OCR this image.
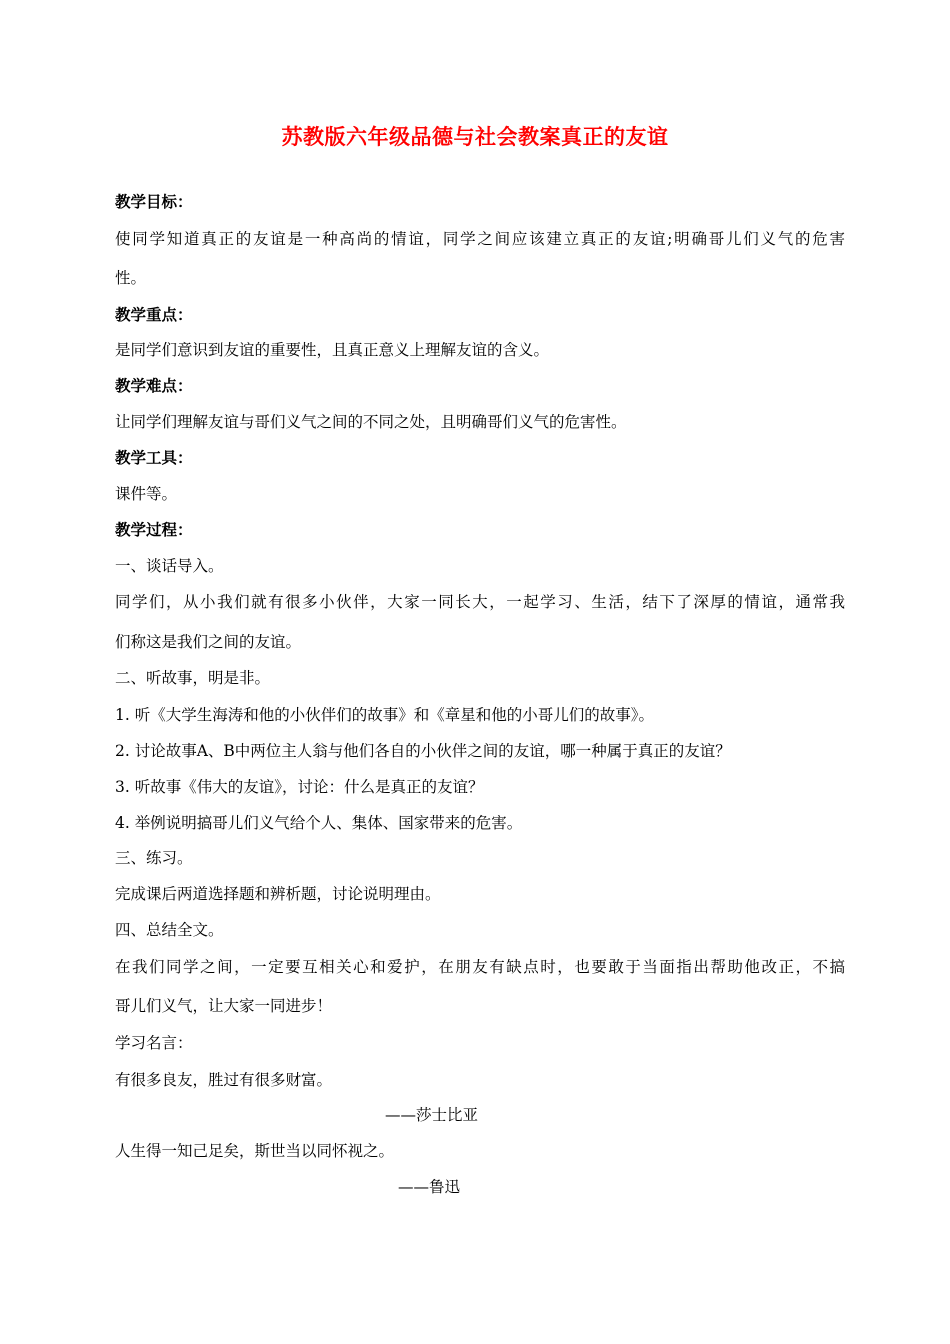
苏教版六年级品德与社会教案真正的友谊
教学目标：
使同学知道真正的友谊是一种高尚的情谊，同学之间应该建立真正的友谊;明确哥儿们义气的危害
性。
教学重点：
是同学们意识到友谊的重要性，且真正意义上理解友谊的含义。
教学难点：
让同学们理解友谊与哥们义气之间的不同之处，且明确哥们义气的危害性。
教学工具：
课件等。
教学过程：
一、谈话导入。
同学们，从小我们就有很多小伙伴，大家一同长大，一起学习、生活，结下了深厚的情谊，通常我
们称这是我们之间的友谊。
二、听故事，明是非。
1. 听《大学生海涛和他的小伙伴们的故事》和《章星和他的小哥儿们的故事》。
2. 讨论故事A、B中两位主人翁与他们各自的小伙伴之间的友谊，哪一种属于真正的友谊？
3. 听故事《伟大的友谊》，讨论：什么是真正的友谊？
4. 举例说明搞哥儿们义气给个人、集体、国家带来的危害。
三、练习。
完成课后两道选择题和辨析题，讨论说明理由。
四、总结全文。
在我们同学之间，一定要互相关心和爱护，在朋友有缺点时，也要敢于当面指出帮助他改正，不搞
哥儿们义气，让大家一同进步！
学习名言：
有很多良友，胜过有很多财富。
——莎士比亚
人生得一知己足矣，斯世当以同怀视之。
——鲁迅
